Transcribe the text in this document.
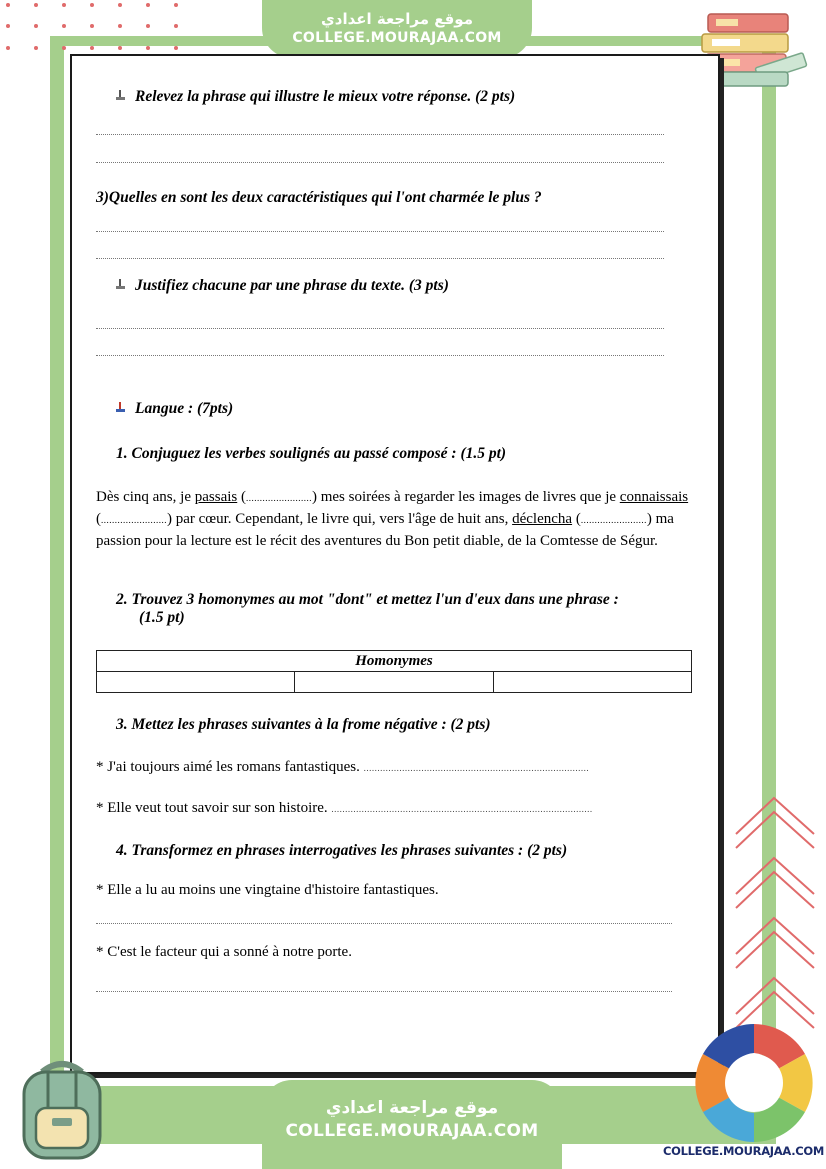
موقع مراجعة اعدادي
COLLEGE.MOURAJAA.COM
Relevez la phrase qui illustre le mieux votre réponse. (2 pts)
3)Quelles en sont les deux caractéristiques qui l'ont charmée le plus ?
Justifiez chacune par une phrase du texte. (3 pts)
Langue : (7pts)
1. Conjuguez les verbes soulignés au passé composé : (1.5 pt)
Dès cinq ans, je passais (........................) mes soirées à regarder les images de livres que je connaissais (........................) par cœur. Cependant, le livre qui, vers l'âge de huit ans, déclencha (........................) ma passion pour la lecture est le récit des aventures du Bon petit diable, de la Comtesse de Ségur.
2. Trouvez 3 homonymes au mot "dont" et mettez l'un d'eux dans une phrase :
(1.5 pt)
Homonymes

3. Mettez les phrases suivantes à la frome négative : (2 pts)
* J'ai toujours aimé les romans fantastiques. ..................................................................................
* Elle veut tout savoir sur son histoire. ...............................................................................................
4. Transformez en phrases interrogatives les phrases suivantes : (2 pts)
* Elle a lu au moins une vingtaine d'histoire fantastiques.
* C'est le facteur qui a sonné à notre porte.
COLLEGE.MOURAJAA.COM
موقع مراجعة اعدادي
COLLEGE.MOURAJAA.COM
